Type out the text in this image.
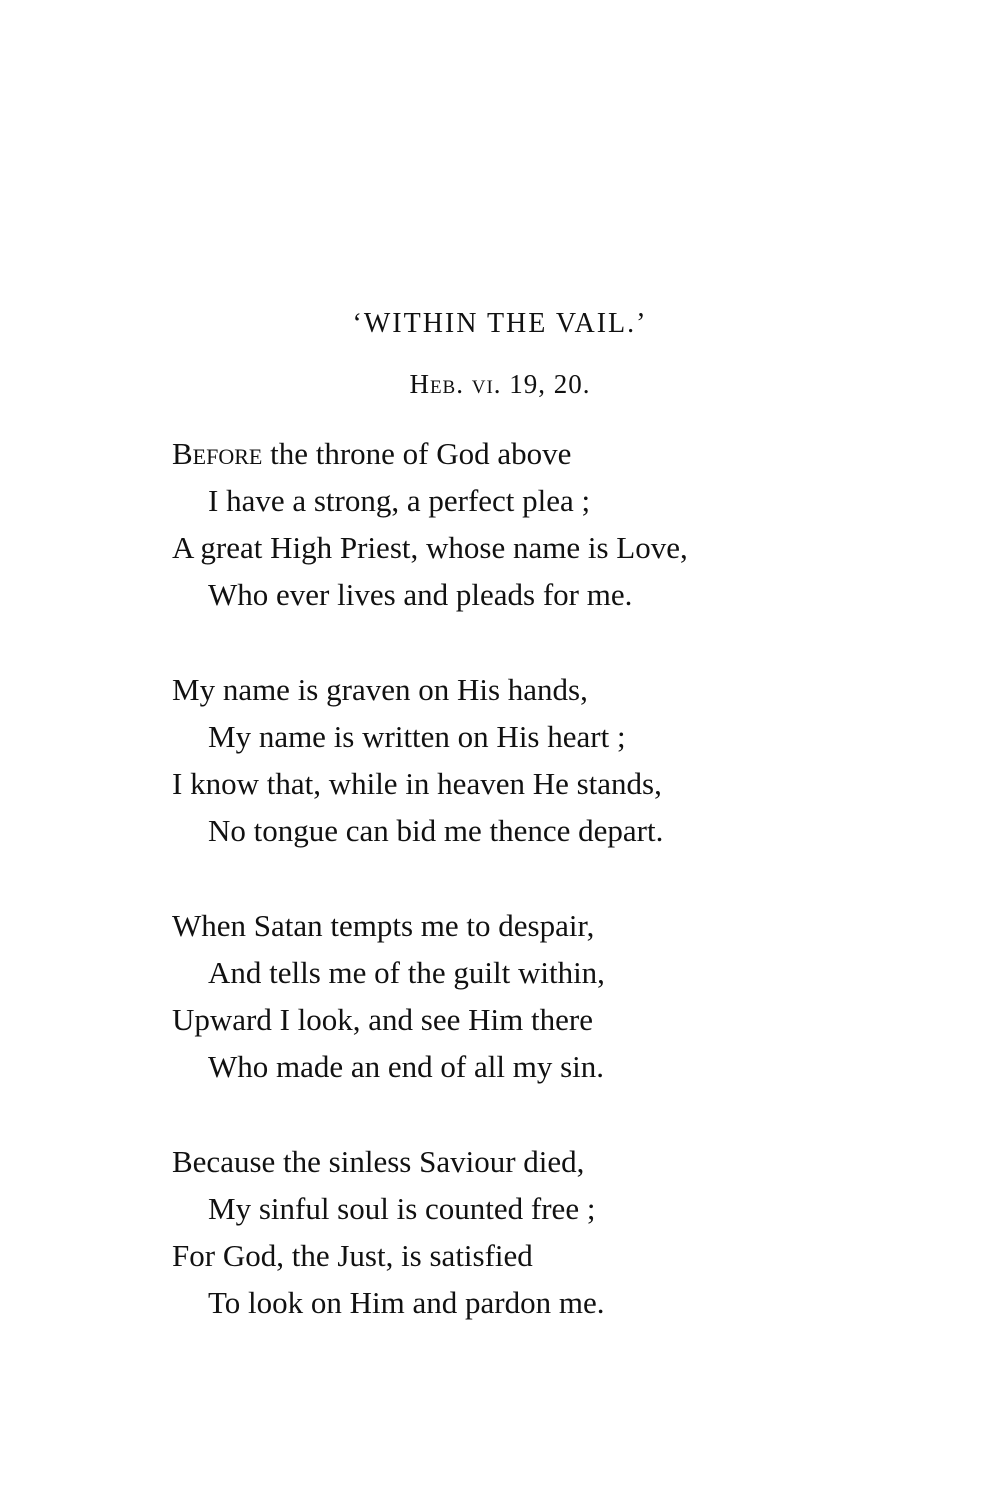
‘WITHIN THE VAIL.’

Heb. vi. 19, 20.

Before the throne of God above
I have a strong, a perfect plea ;
A great High Priest, whose name is Love,
Who ever lives and pleads for me.
My name is graven on His hands,
My name is written on His heart ;
I know that, while in heaven He stands,
No tongue can bid me thence depart.
When Satan tempts me to despair,
And tells me of the guilt within,
Upward I look, and see Him there
Who made an end of all my sin.
Because the sinless Saviour died,
My sinful soul is counted free ;
For God, the Just, is satisfied
To look on Him and pardon me.
